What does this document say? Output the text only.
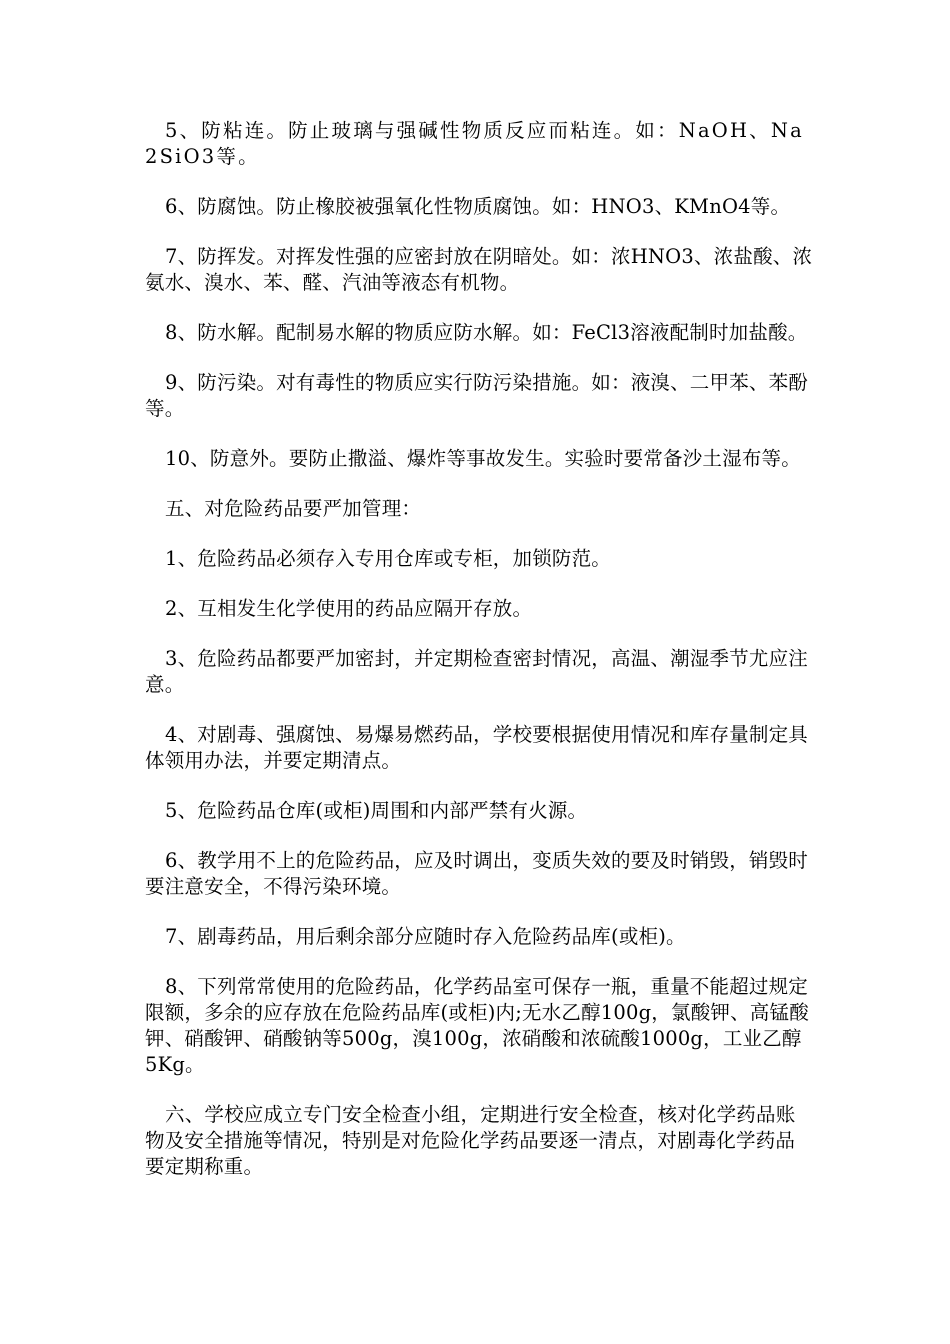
5、防粘连。防止玻璃与强碱性物质反应而粘连。如：NaOH、Na2SiO3等。

6、防腐蚀。防止橡胶被强氧化性物质腐蚀。如：HNO3、KMnO4等。

7、防挥发。对挥发性强的应密封放在阴暗处。如：浓HNO3、浓盐酸、浓氨水、溴水、苯、醛、汽油等液态有机物。

8、防水解。配制易水解的物质应防水解。如：FeCl3溶液配制时加盐酸。

9、防污染。对有毒性的物质应实行防污染措施。如：液溴、二甲苯、苯酚等。

10、防意外。要防止撒溢、爆炸等事故发生。实验时要常备沙土湿布等。

五、对危险药品要严加管理：

1、危险药品必须存入专用仓库或专柜，加锁防范。

2、互相发生化学使用的药品应隔开存放。

3、危险药品都要严加密封，并定期检查密封情况，高温、潮湿季节尤应注意。

4、对剧毒、强腐蚀、易爆易燃药品，学校要根据使用情况和库存量制定具体领用办法，并要定期清点。

5、危险药品仓库(或柜)周围和内部严禁有火源。

6、教学用不上的危险药品，应及时调出，变质失效的要及时销毁，销毁时要注意安全，不得污染环境。

7、剧毒药品，用后剩余部分应随时存入危险药品库(或柜)。

8、下列常常使用的危险药品，化学药品室可保存一瓶，重量不能超过规定限额，多余的应存放在危险药品库(或柜)内;无水乙醇100g，氯酸钾、高锰酸钾、硝酸钾、硝酸钠等500g，溴100g，浓硝酸和浓硫酸1000g，工业乙醇5Kg。

六、学校应成立专门安全检查小组，定期进行安全检查，核对化学药品账物及安全措施等情况，特别是对危险化学药品要逐一清点，对剧毒化学药品要定期称重。
